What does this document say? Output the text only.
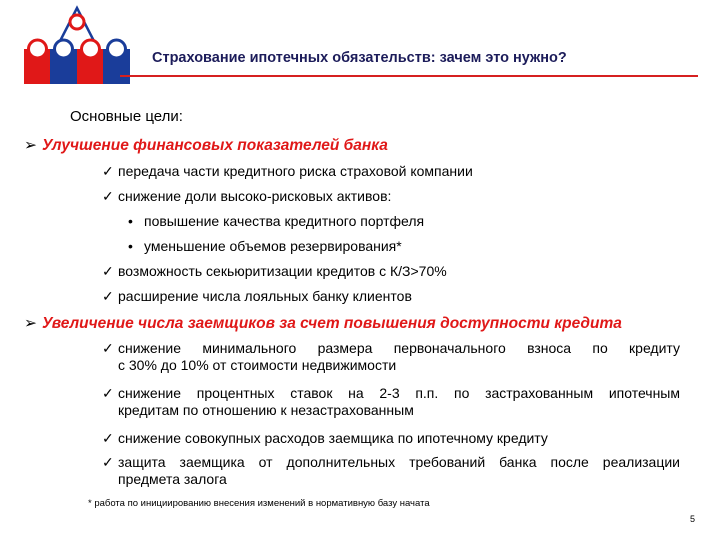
Страхование ипотечных обязательств: зачем это нужно?
Основные цели:
➢ Улучшение финансовых показателей банка
✓ передача части кредитного риска страховой компании
✓ снижение доли высоко-рисковых активов:
• повышение качества кредитного портфеля
• уменьшение объемов резервирования*
✓ возможность секьюритизации кредитов с К/З>70%
✓ расширение числа лояльных банку клиентов
➢ Увеличение числа заемщиков за счет повышения доступности кредита
✓ снижение минимального размера первоначального взноса по кредиту
с 30% до 10% от стоимости недвижимости
✓ снижение процентных ставок на 2-3 п.п. по застрахованным ипотечным
кредитам по отношению к незастрахованным
✓ снижение совокупных расходов заемщика по ипотечному кредиту
✓ защита заемщика от дополнительных требований банка после реализации
предмета залога
* работа по инициированию внесения изменений в нормативную базу начата
5
